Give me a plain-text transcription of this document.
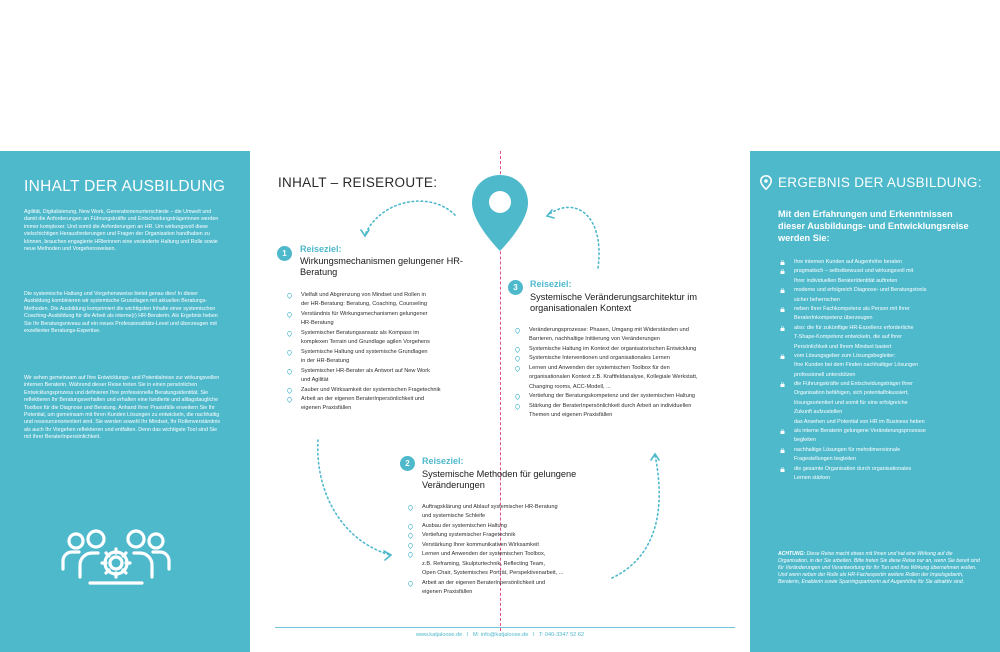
INHALT DER AUSBILDUNG

Agilität, Digitalisierung, New Work, Generationenunterschiede – die Umwelt und damit die Anforderungen an Führungskräfte und Entscheidungsträgerinnen werden immer komplexer. Und somit die Anforderungen an HR. Um wirkungsvoll diese vielschichtigen Herausforderungen und Fragen der Organisation handhaben zu können, brauchen engagierte HRlerinnen eine veränderte Haltung und Rolle sowie neue Methoden und Vorgehensweisen.

Die systemische Haltung und Vorgehensweise bietet genau dies! In dieser Ausbildung kombinieren wir systemische Grundlagen mit aktuellen Beratungs-Methoden. Die Ausbildung komprimiert die wichtigsten Inhalte einer systemischen Coaching-Ausbildung für die Arbeit als interne(r) HR-Beraterin. Als Ergebnis heben Sie Ihr Beratungsniveau auf ein neues Professionalitäts-Level und überzeugen mit exzellenter Beratungs-Expertise.

Wir sehen gemeinsam auf Ihre Entwicklungs- und Potentialreise zur wirkungsvollen internen Beraterin. Während dieser Reise treten Sie in einen persönlichen Entwicklungsprozess und definieren Ihre professionelle Beratungsidentität. Sie reflektieren Ihr Beratungsverhalten und erhalten eine fundierte und alltagstaugliche Toolbox für die Diagnose und Beratung. Anhand Ihrer Praxisfälle erweitern Sie Ihr Potential, um gemeinsam mit Ihren Kunden Lösungen zu entwickeln, die nachhaltig und ressourcenorientiert sind. Sie werden sowohl Ihr Mindset, Ihr Rollenverständnis als auch Ihr Vorgehen reflektieren und entfalten. Denn das wichtigste Tool sind Sie mit Ihrer BeraterInpersönlichkeit.

INHALT – REISEROUTE:
1	Reiseziel:
Wirkungsmechanismen gelungener HR-Beratung
Vielfalt und Abgrenzung von Mindset und Rollen in
der HR-Beratung: Beratung, Coaching, Counseling
Verständnis für Wirkungsmechanismen gelungener
HR-Beratung
Systemischer Beratungsansatz als Kompass im
komplexen Terrain und Grundlage agilen Vorgehens
Systemische Haltung und systemische Grundlagen
in der HR-Beratung
Systemischer HR-Berater als Antwort auf New Work
und Agilität
Zauber und Wirksamkeit der systemischen Fragetechnik
Arbeit an der eigenen BeraterInpersönlichkeit und
eigenen Praxisfällen
3	Reiseziel:
Systemische Veränderungsarchitektur im organisationalen Kontext
Veränderungsprozesse: Phasen, Umgang mit Widerständen und
Barrieren, nachhaltige Initiierung von Veränderungen
Systemische Haltung im Kontext der organisatorischen Entwicklung
Systemische Interventionen und organisationales Lernen
Lernen und Anwenden der systemischen Toolbox für den
organisationalen Kontext z.B. Kraftfeldanalyse, Kollegiale Werkstatt,
Changing rooms, ACC-Modell, ...
Vertiefung der Beratungskompetenz und der systemischen Haltung
Stärkung der BeraterInpersönlichkeit durch Arbeit an individuellen
Themen und eigenen Praxisfällen
2	Reiseziel:
Systemische Methoden für gelungene Veränderungen
Auftragsklärung und Ablauf systemischer HR-Beratung
und systemische Schleife
Ausbau der systemischen Haltung
Vertiefung systemischer Fragetechnik
Verstärkung Ihrer kommunikativen Wirksamkeit
Lernen und Anwenden der systemischen Toolbox,
z.B. Reframing, Skulpturtechnik, Reflecting Team,
Open Chair, Systemisches Porträt, Perspektivenarbeit, ...
Arbeit an der eigenen BeraterInpersönlichkeit und
eigenen Praxisfällen
www.katjaloose.de I M: info@katjaloose.de I T: 040-3347 52 62
ERGEBNIS DER AUSBILDUNG:
Mit den Erfahrungen und Erkenntnissen dieser Ausbildungs- und Entwicklungsreise werden Sie:
Ihre internen Kunden auf Augenhöhe beraten
pragmatisch – selbstbewusst und wirkungsvoll mit
Ihrer individuellen BeraterIdentität auftreten
moderne und erfolgreich Diagnose- und Beratungstools
sicher beherrschen
neben Ihrer Fachkompetenz als Person mit Ihrer
BeraterInkompetenz überzeugen
also: die für zukünftige HR-Exzellenz erforderliche
T-Shape-Kompetenz entwickeln, die auf Ihrer
Persönlichkeit und Ihrem Mindset basiert
vom Lösungsgeber zum Lösungsbegleiter:
Ihre Kunden bei dem Finden nachhaltiger Lösungen
professionell unterstützen
die Führungskräfte und Entscheidungsträger Ihrer
Organisation befähigen, sich potentialfokussiert,
lösungsorientiert und somit für eine erfolgreiche
Zukunft aufzustellen
das Ansehen und Potential von HR im Business heben
als interne Beraterin gelungene Veränderungsprozesse
begleiten
nachhaltige Lösungen für mehrdimensionale
Fragestellungen begleiten
die gesamte Organisation durch organisationales
Lernen stärken

ACHTUNG: Diese Reise macht etwas mit Ihnen und hat eine Wirkung auf die Organisation, in der Sie arbeiten. Bitte treten Sie diese Reise nur an, wenn Sie bereit sind für Veränderungen und Verantwortung für Ihr Tun und Ihre Wirkung übernehmen wollen. Und wenn neben der Rolle als HR-Fachexpertin weitere Rollen der Impulsgeberin, Beraterin, Enablerin sowie Sparringspartnerin auf Augenhöhe für Sie attraktiv sind.
